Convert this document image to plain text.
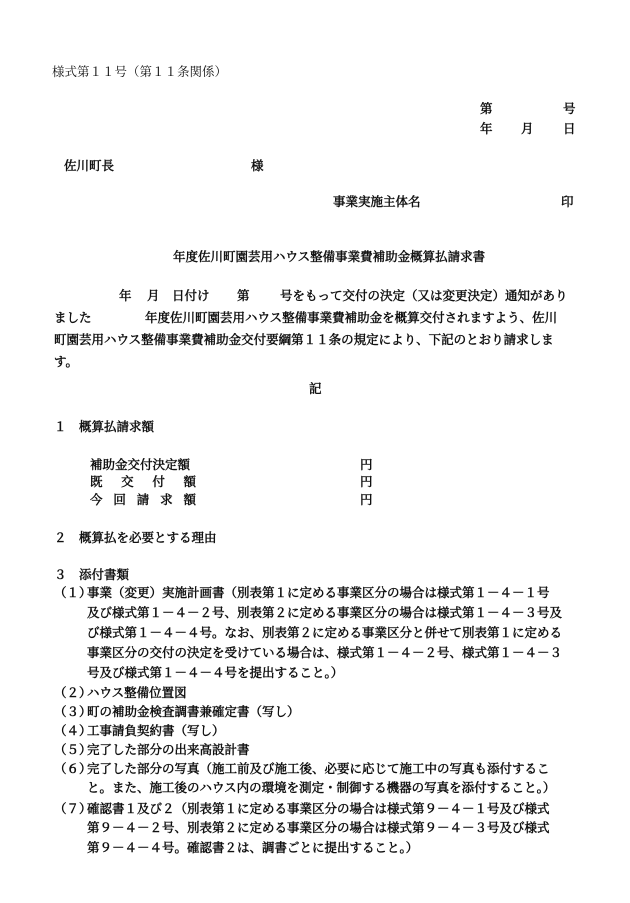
様式第１１号（第１１条関係）
第	号
年 月 日
佐川町長	様
事業実施主体名	印
年度佐川町園芸用ハウス整備事業費補助金概算払請求書
年 月 日付け 第 号をもって交付の決定（又は変更決定）通知があり
ました	年度佐川町園芸用ハウス整備事業費補助金を概算交付されますよう、佐川
町園芸用ハウス整備事業費補助金交付要綱第１１条の規定により、下記のとおり請求しま
す。
記
１　概算払請求額
補助金交付決定額	円
既 交 付 額	円
今 回 請 求 額	円
２　概算払を必要とする理由
３　添付書類
（１）
事業（変更）実施計画書（別表第１に定める事業区分の場合は様式第１－４－１号
及び様式第１－４－２号、別表第２に定める事業区分の場合は様式第１－４－３号及
び様式第１－４－４号。なお、別表第２に定める事業区分と併せて別表第１に定める
事業区分の交付の決定を受けている場合は、様式第１－４－２号、様式第１－４－３
号及び様式第１－４－４号を提出すること。）
（２）
ハウス整備位置図
（３）
町の補助金検査調書兼確定書（写し）
（４）
工事請負契約書（写し）
（５）
完了した部分の出来高設計書
（６）
完了した部分の写真（施工前及び施工後、必要に応じて施工中の写真も添付するこ
と。また、施工後のハウス内の環境を測定・制御する機器の写真を添付すること。）
（７）
確認書１及び２（別表第１に定める事業区分の場合は様式第９－４－１号及び様式
第９－４－２号、別表第２に定める事業区分の場合は様式第９－４－３号及び様式
第９－４－４号。確認書２は、調書ごとに提出すること。）
